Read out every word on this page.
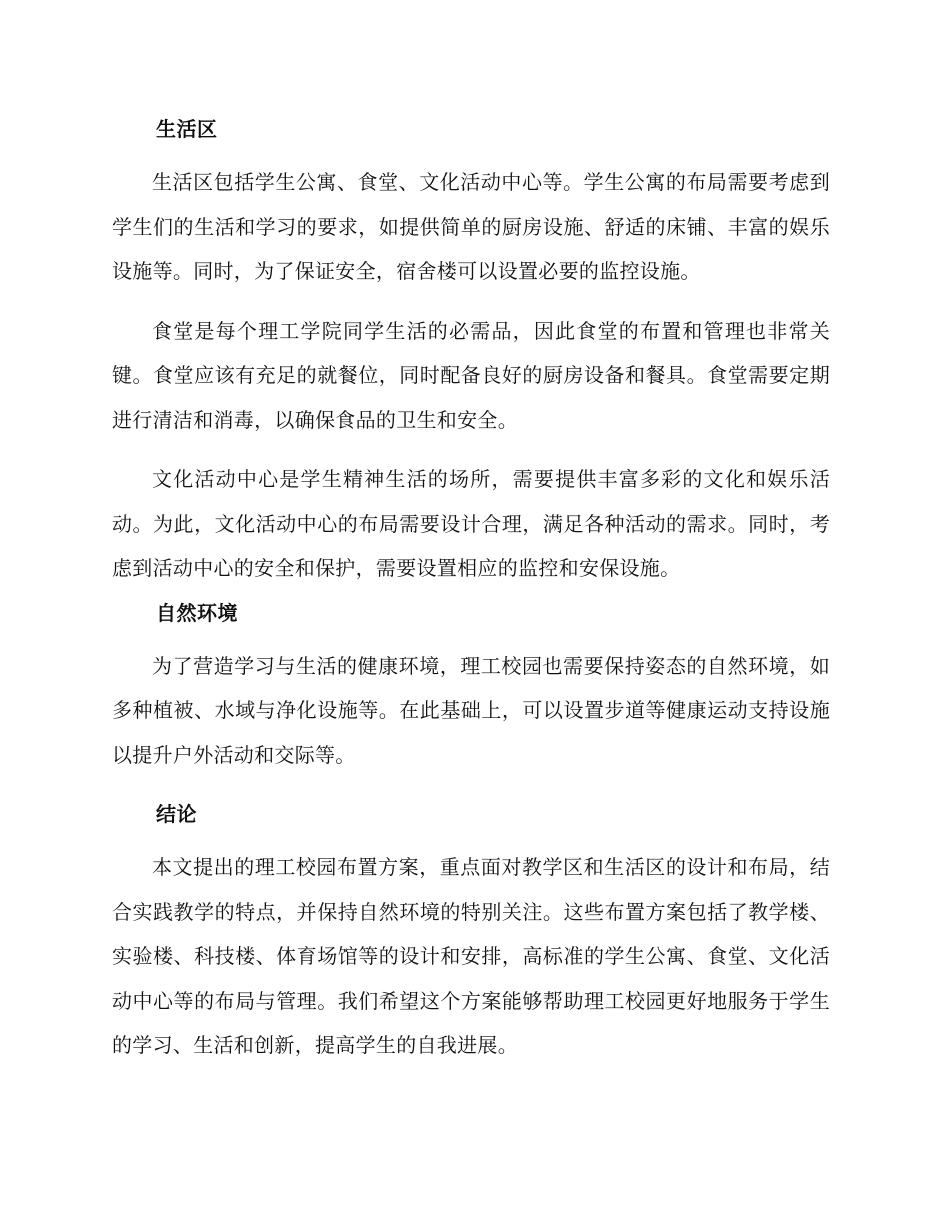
生活区

生活区包括学生公寓、食堂、文化活动中心等。学生公寓的布局需要考虑到学生们的生活和学习的要求，如提供简单的厨房设施、舒适的床铺、丰富的娱乐设施等。同时，为了保证安全，宿舍楼可以设置必要的监控设施。

食堂是每个理工学院同学生活的必需品，因此食堂的布置和管理也非常关键。食堂应该有充足的就餐位，同时配备良好的厨房设备和餐具。食堂需要定期进行清洁和消毒，以确保食品的卫生和安全。

文化活动中心是学生精神生活的场所，需要提供丰富多彩的文化和娱乐活动。为此，文化活动中心的布局需要设计合理，满足各种活动的需求。同时，考虑到活动中心的安全和保护，需要设置相应的监控和安保设施。

自然环境

为了营造学习与生活的健康环境，理工校园也需要保持姿态的自然环境，如多种植被、水域与净化设施等。在此基础上，可以设置步道等健康运动支持设施以提升户外活动和交际等。

结论

本文提出的理工校园布置方案，重点面对教学区和生活区的设计和布局，结合实践教学的特点，并保持自然环境的特别关注。这些布置方案包括了教学楼、实验楼、科技楼、体育场馆等的设计和安排，高标准的学生公寓、食堂、文化活动中心等的布局与管理。我们希望这个方案能够帮助理工校园更好地服务于学生的学习、生活和创新，提高学生的自我进展。
